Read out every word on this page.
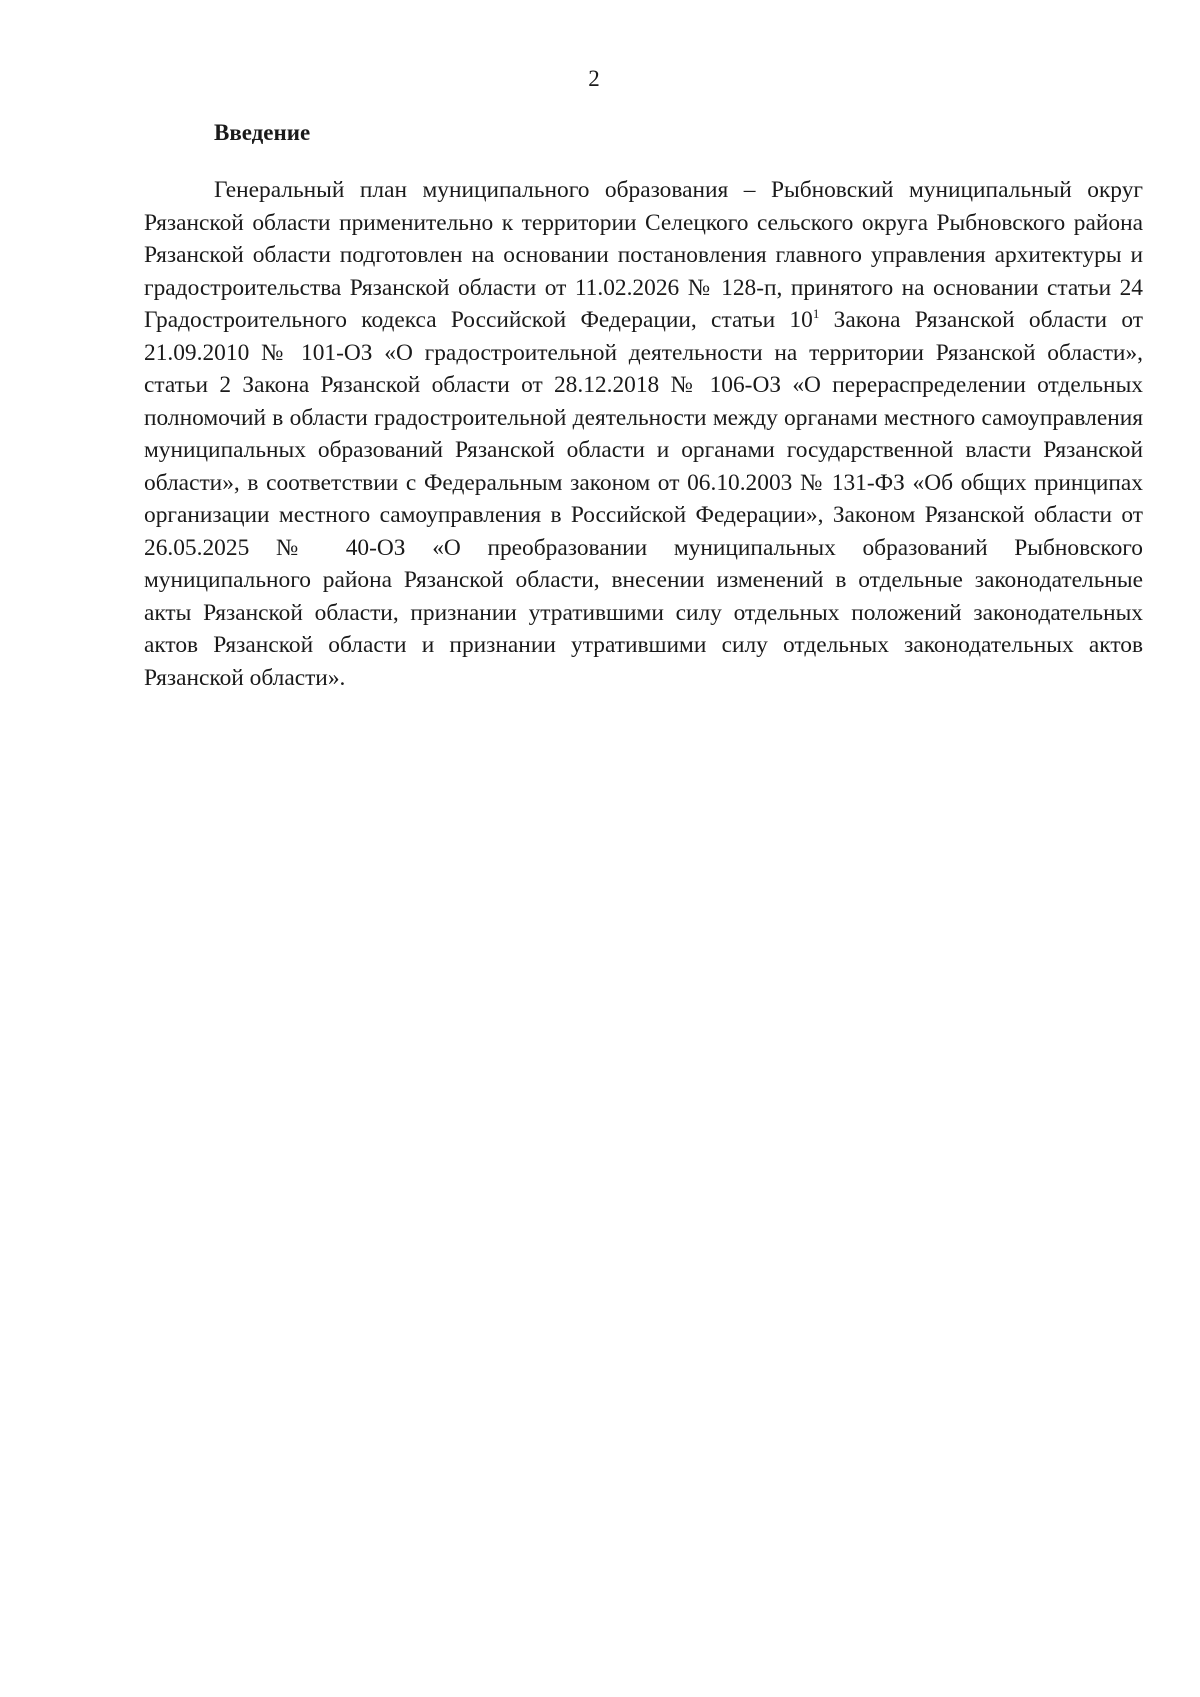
2
Введение

Генеральный план муниципального образования – Рыбновский муниципальный округ Рязанской области применительно к территории Селецкого сельского округа Рыбновского района Рязанской области подготовлен на основании постановления главного управления архитектуры и градостроительства Рязанской области от 11.02.2026 № 128-п, принятого на основании статьи 24 Градостроительного кодекса Российской Федерации, статьи $10^1$ Закона Рязанской области от 21.09.2010 № 101-ОЗ «О градостроительной деятельности на территории Рязанской области», статьи 2 Закона Рязанской области от 28.12.2018 № 106-ОЗ «О перераспределении отдельных полномочий в области градостроительной деятельности между органами местного самоуправления муниципальных образований Рязанской области и органами государственной власти Рязанской области», в соответствии с Федеральным законом от 06.10.2003 № 131-ФЗ «Об общих принципах организации местного самоуправления в Российской Федерации», Законом Рязанской области от 26.05.2025 № 40-ОЗ «О преобразовании муниципальных образований Рыбновского муниципального района Рязанской области, внесении изменений в отдельные законодательные акты Рязанской области, признании утратившими силу отдельных положений законодательных актов Рязанской области и признании утратившими силу отдельных законодательных актов Рязанской области».
